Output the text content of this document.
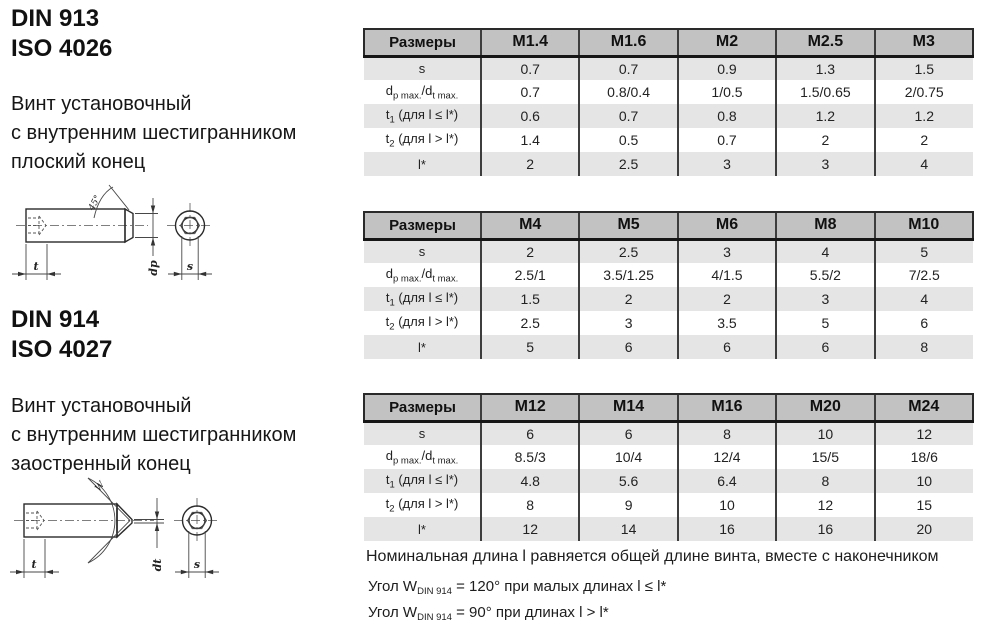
DIN 913
ISO 4026
Винт установочный
с внутренним шестигранником
плоский конец
45°
t	dp s
DIN 914
ISO 4027
Винт установочный
с внутренним шестигранником
заостренный конец
W
t	dt	s
Размеры	M1.4	M1.6	M2	M2.5	M3
s	0.7	0.7	0.9	1.3	1.5
$d_{p max.}/d_{t max.}$	0.7	0.8/0.4	1/0.5	1.5/0.65	2/0.75
$t_1$ (для l ≤ l*)	0.6	0.7	0.8	1.2	1.2
$t_2$ (для l > l*)	1.4	0.5	0.7	2	2
l*	2	2.5	3	3	4
Размеры	M4	M5	M6	M8	M10
s	2	2.5	3	4	5
$d_{p max.}/d_{t max.}$	2.5/1	3.5/1.25	4/1.5	5.5/2	7/2.5
$t_1$ (для l ≤ l*)	1.5	2	2	3	4
$t_2$ (для l > l*)	2.5	3	3.5	5	6
l*	5	6	6	6	8
Размеры	M12	M14	M16	M20	M24
s	6	6	8	10	12
$d_{p max.}/d_{t max.}$	8.5/3	10/4	12/4	15/5	18/6
$t_1$ (для l ≤ l*)	4.8	5.6	6.4	8	10
$t_2$ (для l > l*)	8	9	10	12	15
l*	12	14	16	16	20
Номинальная длина l равняется общей длине винта, вместе с наконечником
Угол $W_{DIN 914} = 120^\circ$ при малых длинах l ≤ l*
Угол $W_{DIN 914} = 90^\circ$ при длинах l > l*
